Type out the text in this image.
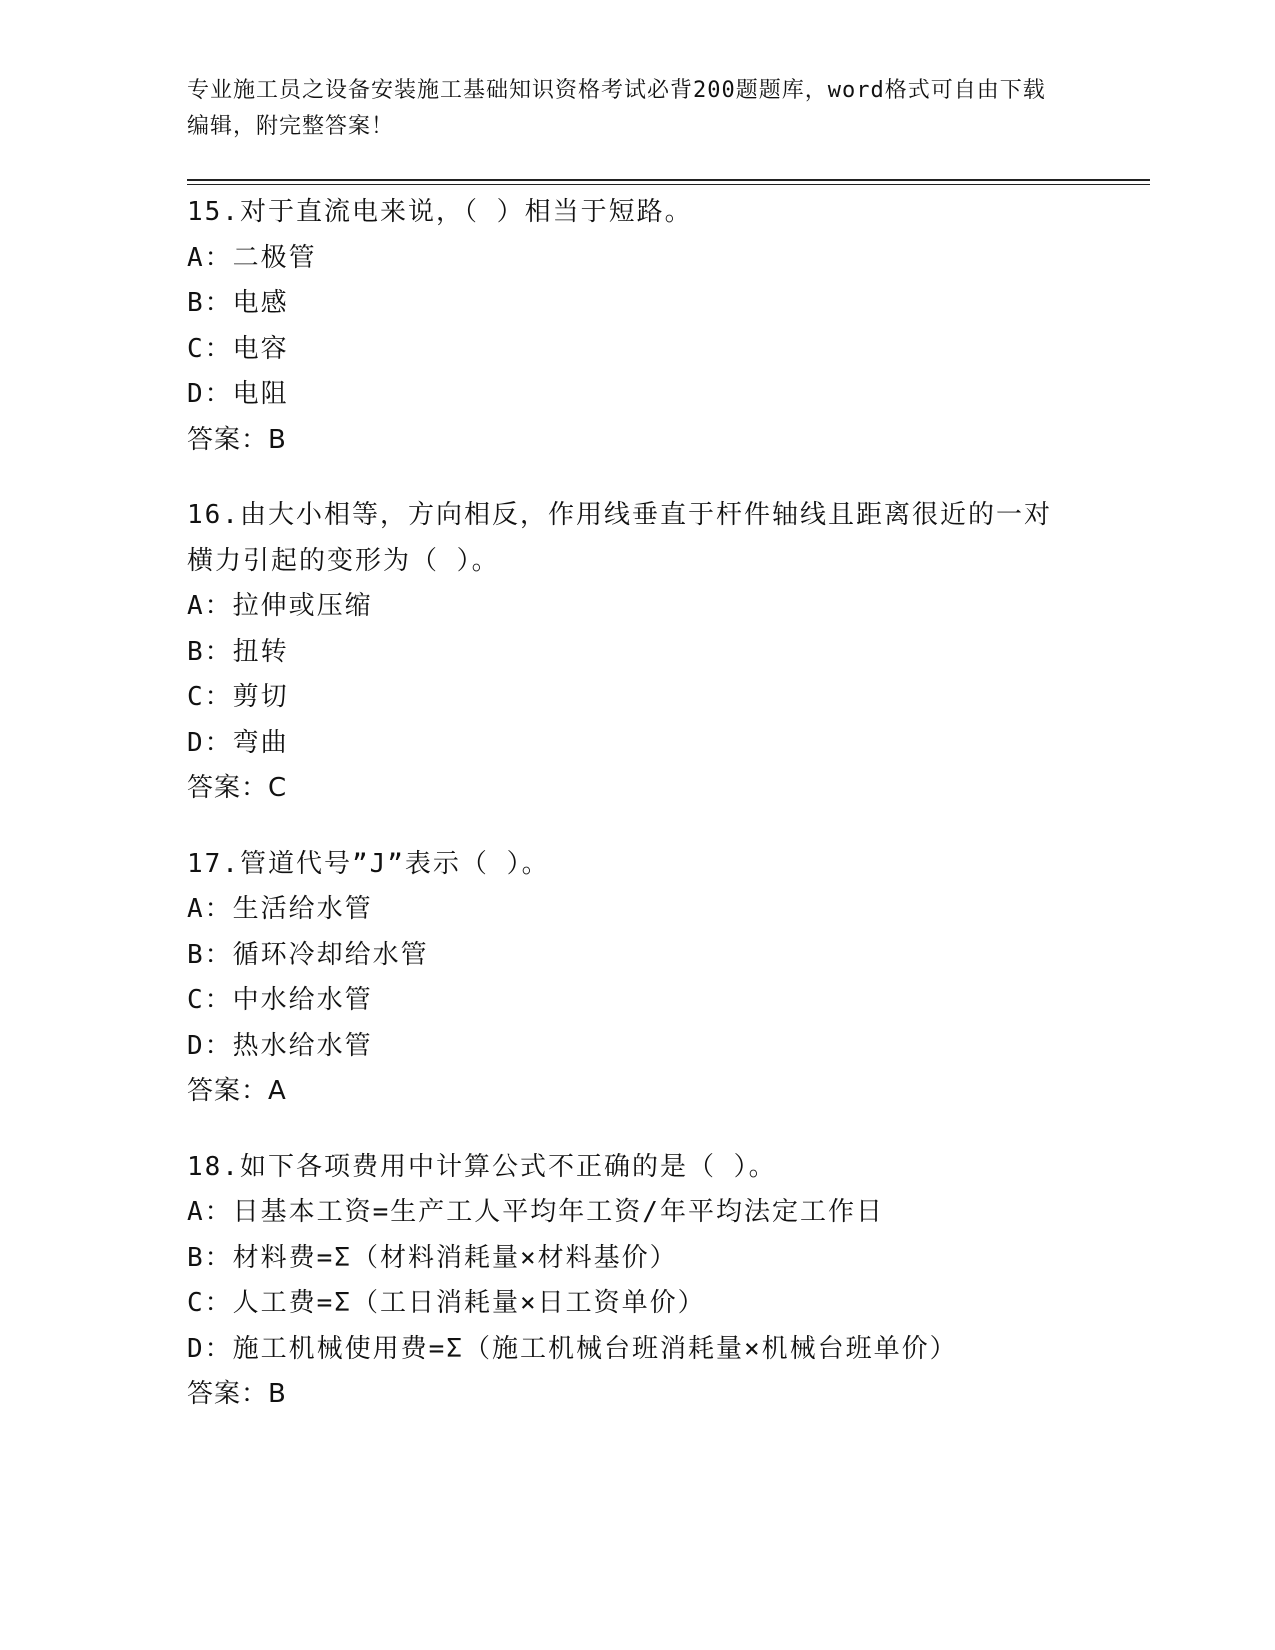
专业施工员之设备安装施工基础知识资格考试必背200题题库，word格式可自由下载编辑，附完整答案！

15.对于直流电来说，（ ）相当于短路。

A：二极管

B：电感

C：电容

D：电阻

答案：B

16.由大小相等，方向相反，作用线垂直于杆件轴线且距离很近的一对横力引起的变形为（ ）。

A：拉伸或压缩

B：扭转

C：剪切

D：弯曲

答案：C

17.管道代号”J”表示（ ）。

A：生活给水管

B：循环冷却给水管

C：中水给水管

D：热水给水管

答案：A

18.如下各项费用中计算公式不正确的是（ ）。

A：日基本工资=生产工人平均年工资/年平均法定工作日

B：材料费=Σ（材料消耗量×材料基价）

C：人工费=Σ（工日消耗量×日工资单价）

D：施工机械使用费=Σ（施工机械台班消耗量×机械台班单价）

答案：B
